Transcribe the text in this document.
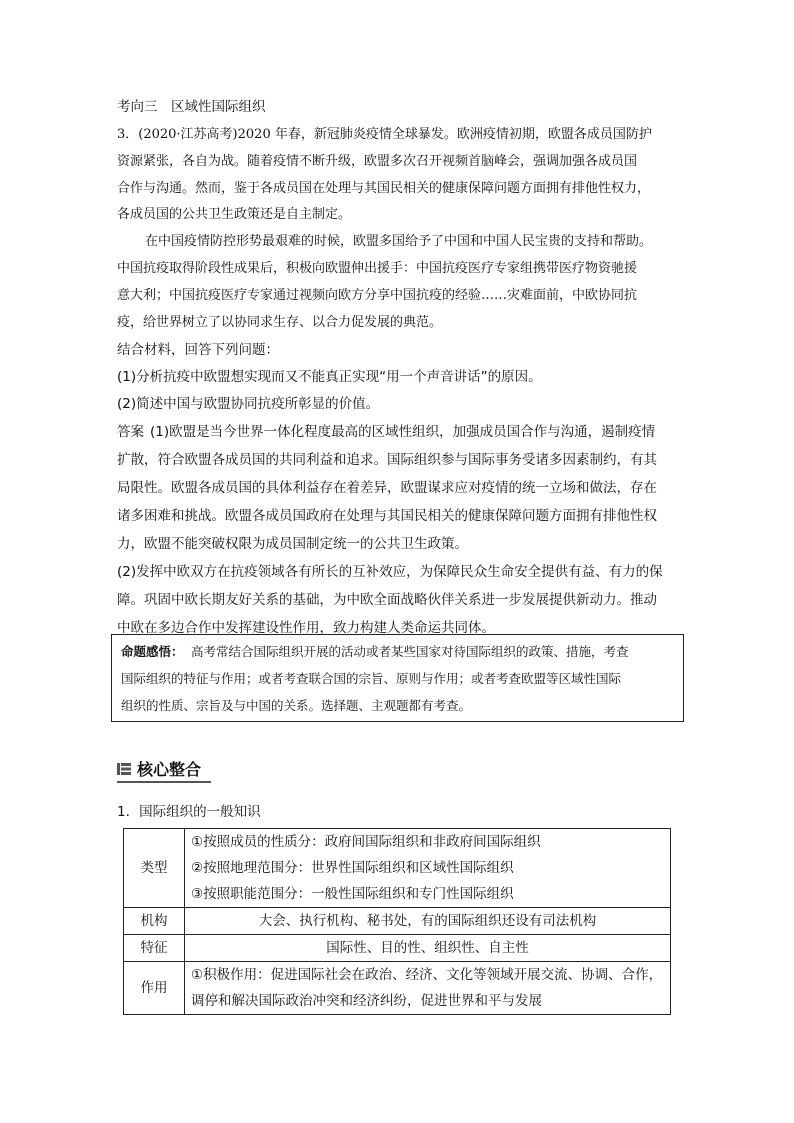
考向三　区域性国际组织
3．(2020·江苏高考)2020 年春，新冠肺炎疫情全球暴发。欧洲疫情初期，欧盟各成员国防护
资源紧张，各自为战。随着疫情不断升级，欧盟多次召开视频首脑峰会，强调加强各成员国
合作与沟通。然而，鉴于各成员国在处理与其国民相关的健康保障问题方面拥有排他性权力，
各成员国的公共卫生政策还是自主制定。
在中国疫情防控形势最艰难的时候，欧盟多国给予了中国和中国人民宝贵的支持和帮助。
中国抗疫取得阶段性成果后，积极向欧盟伸出援手：中国抗疫医疗专家组携带医疗物资驰援
意大利；中国抗疫医疗专家通过视频向欧方分享中国抗疫的经验……灾难面前，中欧协同抗
疫，给世界树立了以协同求生存、以合力促发展的典范。
结合材料，回答下列问题：
(1)分析抗疫中欧盟想实现而又不能真正实现“用一个声音讲话”的原因。
(2)简述中国与欧盟协同抗疫所彰显的价值。
答案 (1)欧盟是当今世界一体化程度最高的区域性组织，加强成员国合作与沟通，遏制疫情
扩散，符合欧盟各成员国的共同利益和追求。国际组织参与国际事务受诸多因素制约，有其
局限性。欧盟各成员国的具体利益存在着差异，欧盟谋求应对疫情的统一立场和做法，存在
诸多困难和挑战。欧盟各成员国政府在处理与其国民相关的健康保障问题方面拥有排他性权
力，欧盟不能突破权限为成员国制定统一的公共卫生政策。
(2)发挥中欧双方在抗疫领域各有所长的互补效应，为保障民众生命安全提供有益、有力的保
障。巩固中欧长期友好关系的基础，为中欧全面战略伙伴关系进一步发展提供新动力。推动
中欧在多边合作中发挥建设性作用，致力构建人类命运共同体。
命题感悟： 高考常结合国际组织开展的活动或者某些国家对待国际组织的政策、措施，考查
国际组织的特征与作用；或者考查联合国的宗旨、原则与作用；或者考查欧盟等区域性国际
组织的性质、宗旨及与中国的关系。选择题、主观题都有考查。
核心整合
1．国际组织的一般知识
类型	①按照成员的性质分：政府间国际组织和非政府间国际组织
②按照地理范围分：世界性国际组织和区域性国际组织
③按照职能范围分：一般性国际组织和专门性国际组织

机构	大会、执行机构、秘书处，有的国际组织还设有司法机构

特征	国际性、目的性、组织性、自主性

作用	①积极作用：促进国际社会在政治、经济、文化等领域开展交流、协调、合作，
调停和解决国际政治冲突和经济纠纷，促进世界和平与发展
